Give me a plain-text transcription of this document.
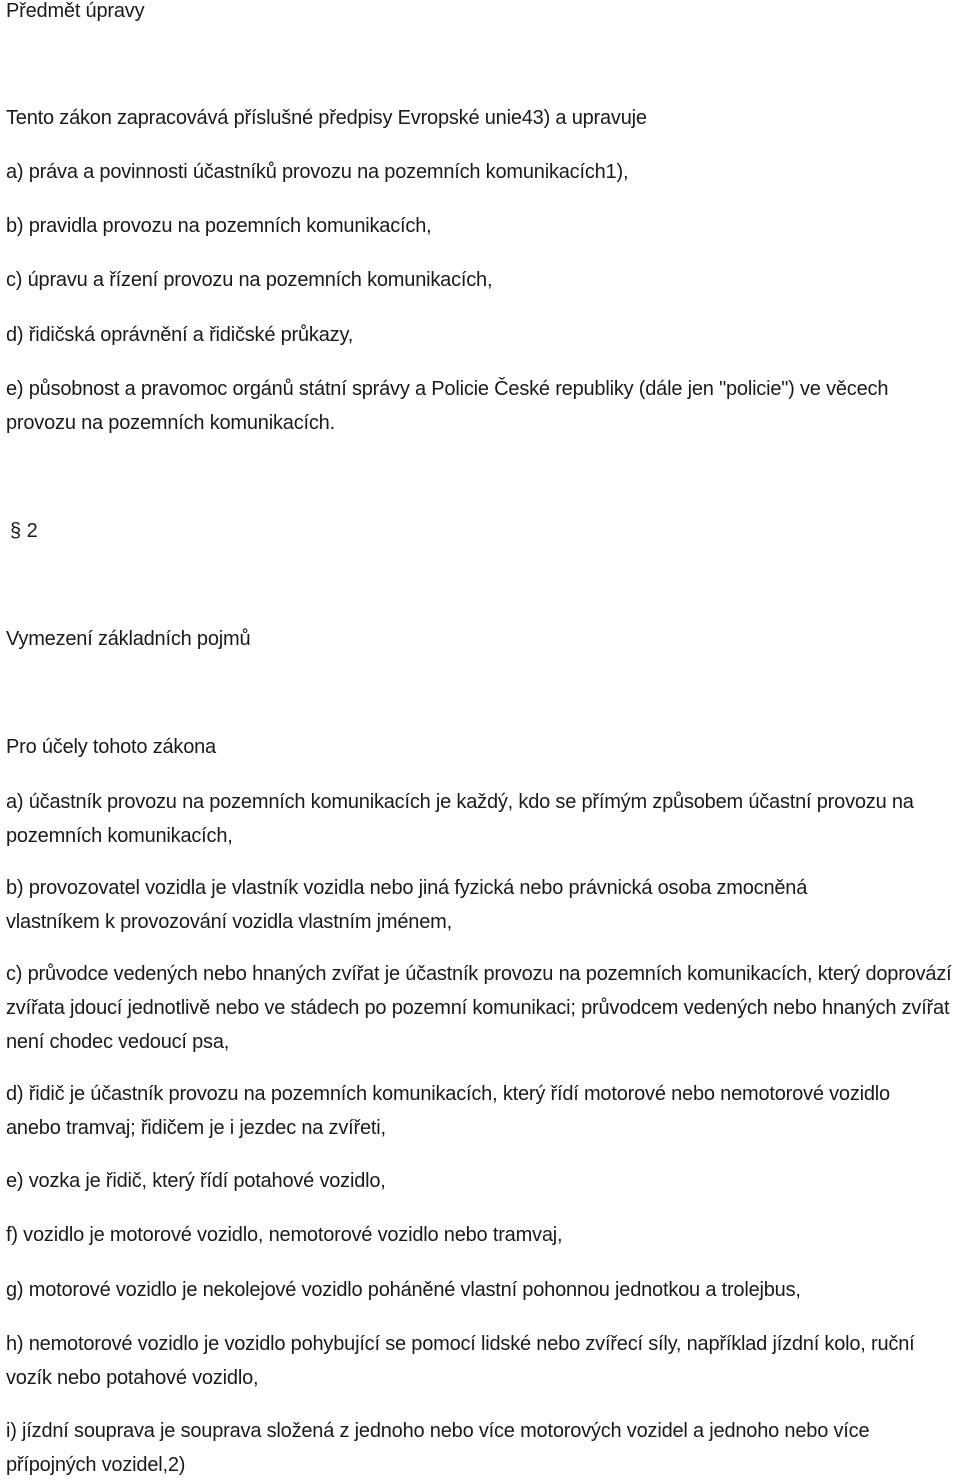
Předmět úpravy
Tento zákon zapracovává příslušné předpisy Evropské unie43) a upravuje
a) práva a povinnosti účastníků provozu na pozemních komunikacích1),
b) pravidla provozu na pozemních komunikacích,
c) úpravu a řízení provozu na pozemních komunikacích,
d) řidičská oprávnění a řidičské průkazy,
e) působnost a pravomoc orgánů státní správy a Policie České republiky (dále jen "policie") ve věcech provozu na pozemních komunikacích.
§ 2
Vymezení základních pojmů
Pro účely tohoto zákona
a) účastník provozu na pozemních komunikacích je každý, kdo se přímým způsobem účastní provozu na pozemních komunikacích,
b) provozovatel vozidla je vlastník vozidla nebo jiná fyzická nebo právnická osoba zmocněná vlastníkem k provozování vozidla vlastním jménem,
c) průvodce vedených nebo hnaných zvířat je účastník provozu na pozemních komunikacích, který doprovází zvířata jdoucí jednotlivě nebo ve stádech po pozemní komunikaci; průvodcem vedených nebo hnaných zvířat není chodec vedoucí psa,
d) řidič je účastník provozu na pozemních komunikacích, který řídí motorové nebo nemotorové vozidlo anebo tramvaj; řidičem je i jezdec na zvířeti,
e) vozka je řidič, který řídí potahové vozidlo,
f) vozidlo je motorové vozidlo, nemotorové vozidlo nebo tramvaj,
g) motorové vozidlo je nekolejové vozidlo poháněné vlastní pohonnou jednotkou a trolejbus,
h) nemotorové vozidlo je vozidlo pohybující se pomocí lidské nebo zvířecí síly, například jízdní kolo, ruční vozík nebo potahové vozidlo,
i) jízdní souprava je souprava složená z jednoho nebo více motorových vozidel a jednoho nebo více přípojných vozidel,2)
